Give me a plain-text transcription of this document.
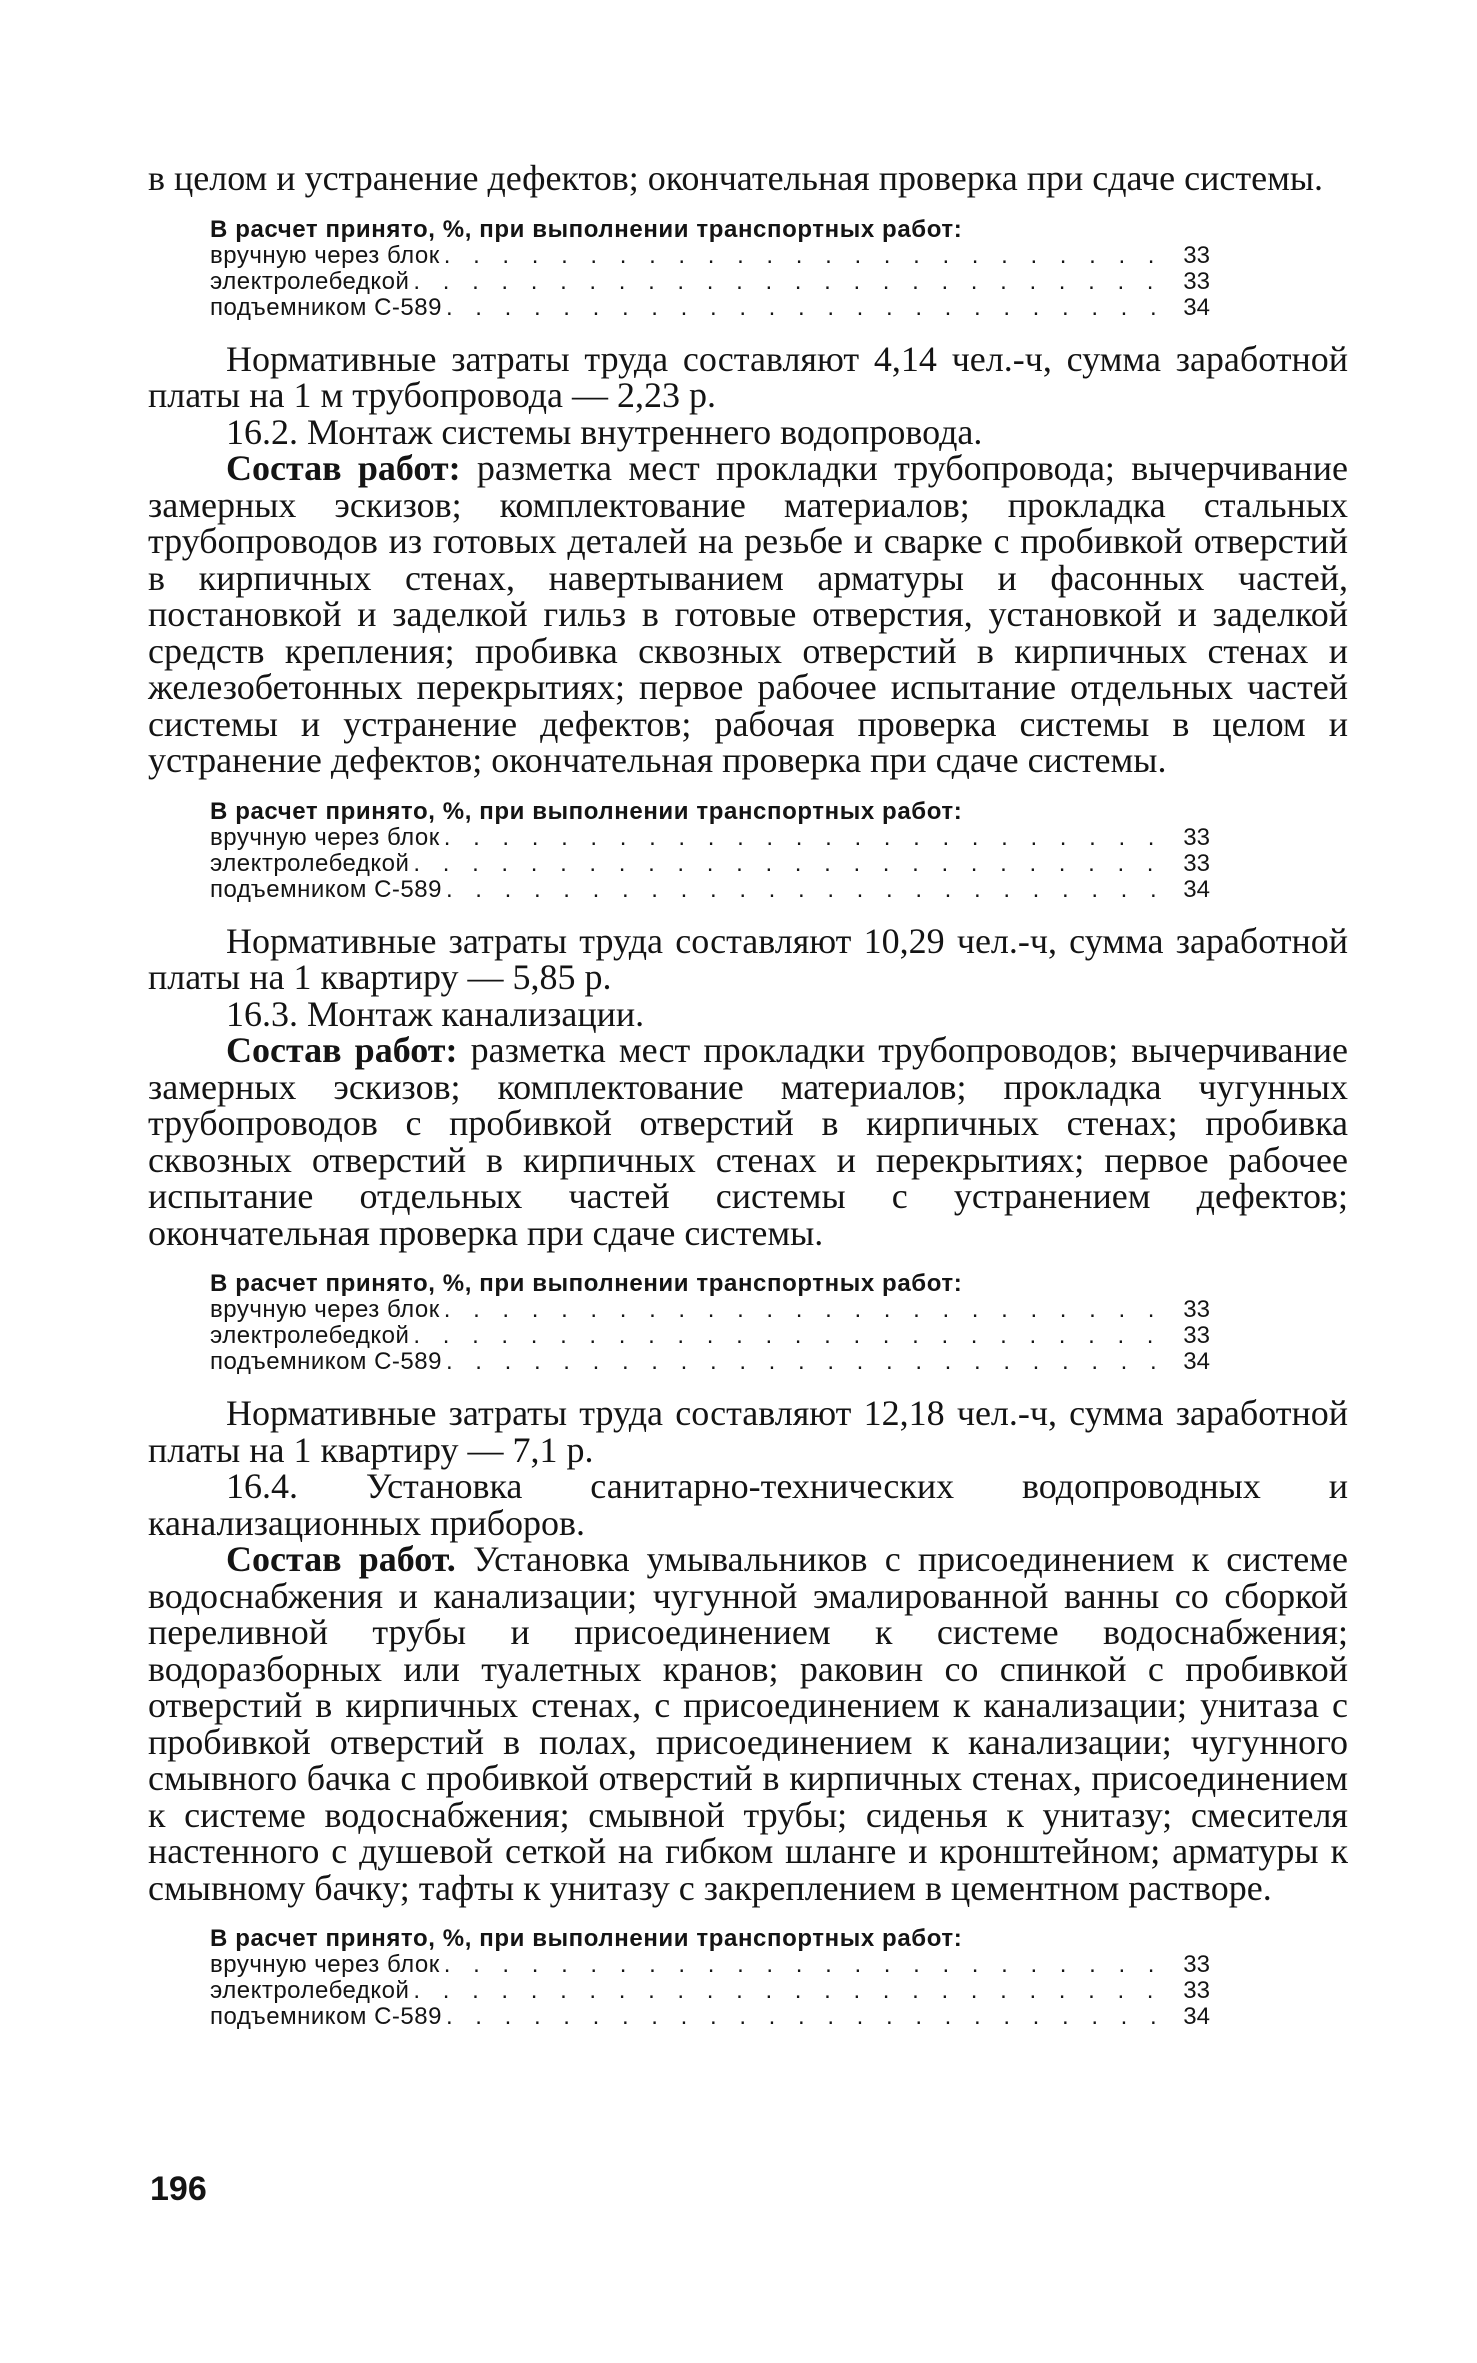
в целом и устранение дефектов; окончательная проверка при сдаче системы.

В расчет принято, %, при выполнении транспортных работ:
вручную через блок . . .	33
электролебедкой . . .	33
подъемником С-589 . . .	34

Нормативные затраты труда составляют 4,14 чел.-ч, сумма заработной платы на 1 м трубопровода — 2,23 р.

16.2. Монтаж системы внутреннего водопровода.

Состав работ: разметка мест прокладки трубопровода; вычерчивание замерных эскизов; комплектование материалов; прокладка стальных трубопроводов из готовых деталей на резьбе и сварке с пробивкой отверстий в кирпичных стенах, навертыванием арматуры и фасонных частей, постановкой и заделкой гильз в готовые отверстия, установкой и заделкой средств крепления; пробивка сквозных отверстий в кирпичных стенах и железобетонных перекрытиях; первое рабочее испытание отдельных частей системы и устранение дефектов; рабочая проверка системы в целом и устранение дефектов; окончательная проверка при сдаче системы.

В расчет принято, %, при выполнении транспортных работ:
вручную через блок . . .	33
электролебедкой . . .	33
подъемником С-589 . . .	34

Нормативные затраты труда составляют 10,29 чел.-ч, сумма заработной платы на 1 квартиру — 5,85 р.

16.3. Монтаж канализации.

Состав работ: разметка мест прокладки трубопроводов; вычерчивание замерных эскизов; комплектование материалов; прокладка чугунных трубопроводов с пробивкой отверстий в кирпичных стенах; пробивка сквозных отверстий в кирпичных стенах и перекрытиях; первое рабочее испытание отдельных частей системы с устранением дефектов; окончательная проверка при сдаче системы.

В расчет принято, %, при выполнении транспортных работ:
вручную через блок . . .	33
электролебедкой . . .	33
подъемником С-589 . . .	34

Нормативные затраты труда составляют 12,18 чел.-ч, сумма заработной платы на 1 квартиру — 7,1 р.

16.4. Установка санитарно-технических водопроводных и канализационных приборов.

Состав работ. Установка умывальников с присоединением к системе водоснабжения и канализации; чугунной эмалированной ванны со сборкой переливной трубы и присоединением к системе водоснабжения; водоразборных или туалетных кранов; раковин со спинкой с пробивкой отверстий в кирпичных стенах, с присоединением к канализации; унитаза с пробивкой отверстий в полах, присоединением к канализации; чугунного смывного бачка с пробивкой отверстий в кирпичных стенах, присоединением к системе водоснабжения; смывной трубы; сиденья к унитазу; смесителя настенного с душевой сеткой на гибком шланге и кронштейном; арматуры к смывному бачку; тафты к унитазу с закреплением в цементном растворе.

В расчет принято, %, при выполнении транспортных работ:
вручную через блок . . .	33
электролебедкой . . .	33
подъемником С-589 . . .	34
196
